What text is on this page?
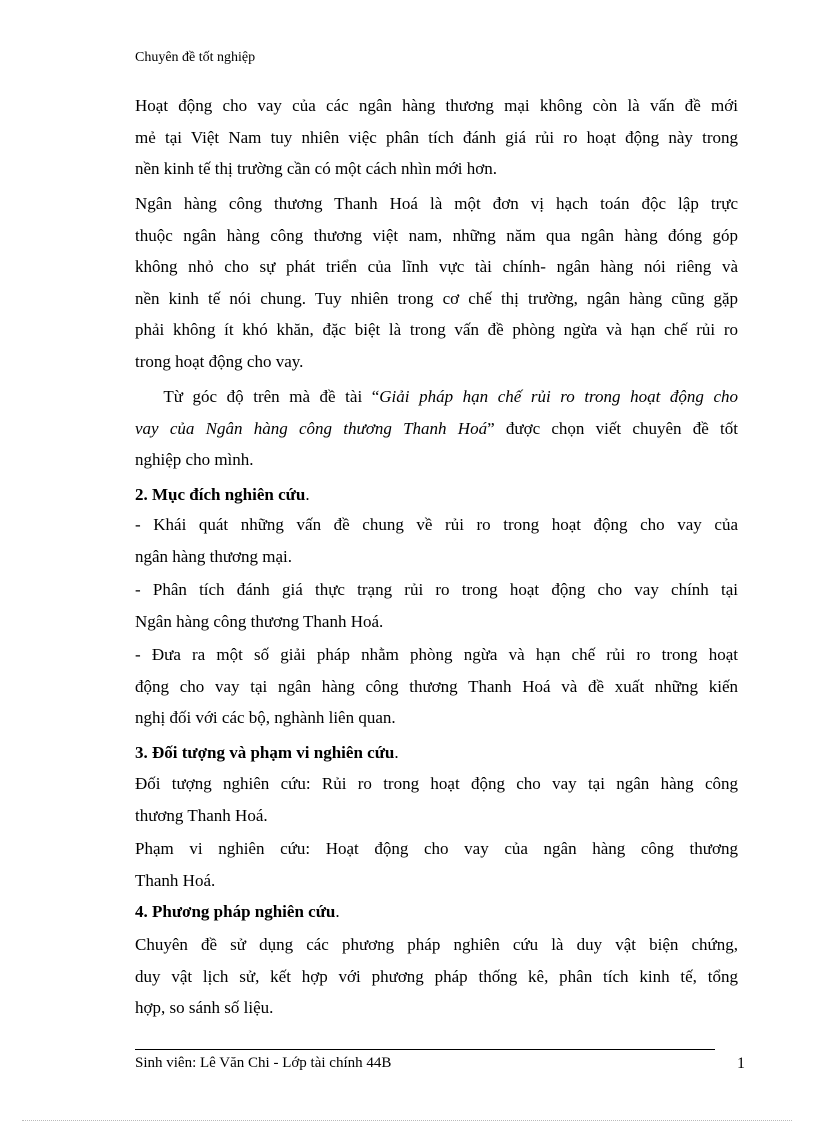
Chuyên đề tốt nghiệp
Hoạt động cho vay của các ngân hàng thương mại không còn là vấn đề mới
mẻ tại Việt Nam tuy nhiên việc phân tích đánh giá rủi ro hoạt động này trong
nền kinh tế thị trường cần có một cách nhìn mới hơn.
Ngân hàng công thương Thanh Hoá là một đơn vị hạch toán độc lập trực
thuộc ngân hàng công thương việt nam, những năm qua ngân hàng đóng góp
không nhỏ cho sự phát triển của lĩnh vực tài chính- ngân hàng nói riêng và
nền kinh tế nói chung. Tuy nhiên trong cơ chế thị trường, ngân hàng cũng gặp
phải không ít khó khăn, đặc biệt là trong vấn đề phòng ngừa và hạn chế rủi ro
trong hoạt động cho vay.
Từ góc độ trên mà đề tài “Giải pháp hạn chế rủi ro trong hoạt động cho
vay của Ngân hàng công thương Thanh Hoá” được chọn viết chuyên đề tốt
nghiệp cho mình.
2. Mục đích nghiên cứu.
- Khái quát những vấn đề chung về rủi ro trong hoạt động cho vay của
ngân hàng thương mại.
- Phân tích đánh giá thực trạng rủi ro trong hoạt động cho vay chính tại
Ngân hàng công thương Thanh Hoá.
- Đưa ra một số giải pháp nhằm phòng ngừa và hạn chế rủi ro trong hoạt
động cho vay tại ngân hàng công thương Thanh Hoá và đề xuất những kiến
nghị đối với các bộ, nghành liên quan.
3. Đối tượng và phạm vi nghiên cứu.
Đối tượng nghiên cứu: Rủi ro trong hoạt động cho vay tại ngân hàng công
thương Thanh Hoá.
Phạm vi nghiên cứu: Hoạt động cho vay của ngân hàng công thương
Thanh Hoá.
4. Phương pháp nghiên cứu.
Chuyên đề sử dụng các phương pháp nghiên cứu là duy vật biện chứng,
duy vật lịch sử, kết hợp với phương pháp thống kê, phân tích kinh tế, tổng
hợp, so sánh số liệu.
Sinh viên: Lê Văn Chi - Lớp tài chính 44B	1
